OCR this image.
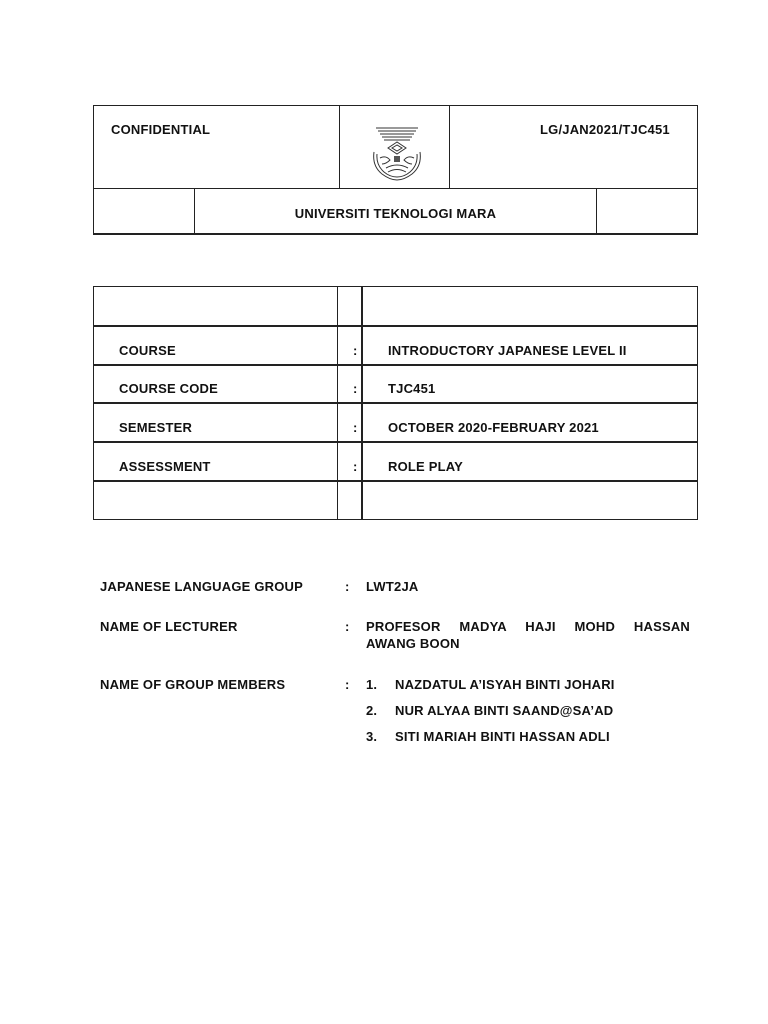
CONFIDENTIAL	LG/JAN2021/TJC451
UNIVERSITI TEKNOLOGI MARA
COURSE	: INTRODUCTORY JAPANESE LEVEL II
COURSE CODE	: TJC451
SEMESTER	: OCTOBER 2020-FEBRUARY 2021
ASSESSMENT	: ROLE PLAY
JAPANESE LANGUAGE GROUP	: LWT2JA
NAME OF LECTURER	: PROFESOR MADYA HAJI MOHD HASSAN
AWANG BOON
NAME OF GROUP MEMBERS	: 1. NAZDATUL A’ISYAH BINTI JOHARI
2. NUR ALYAA BINTI SAAND@SA’AD
3. SITI MARIAH BINTI HASSAN ADLI
